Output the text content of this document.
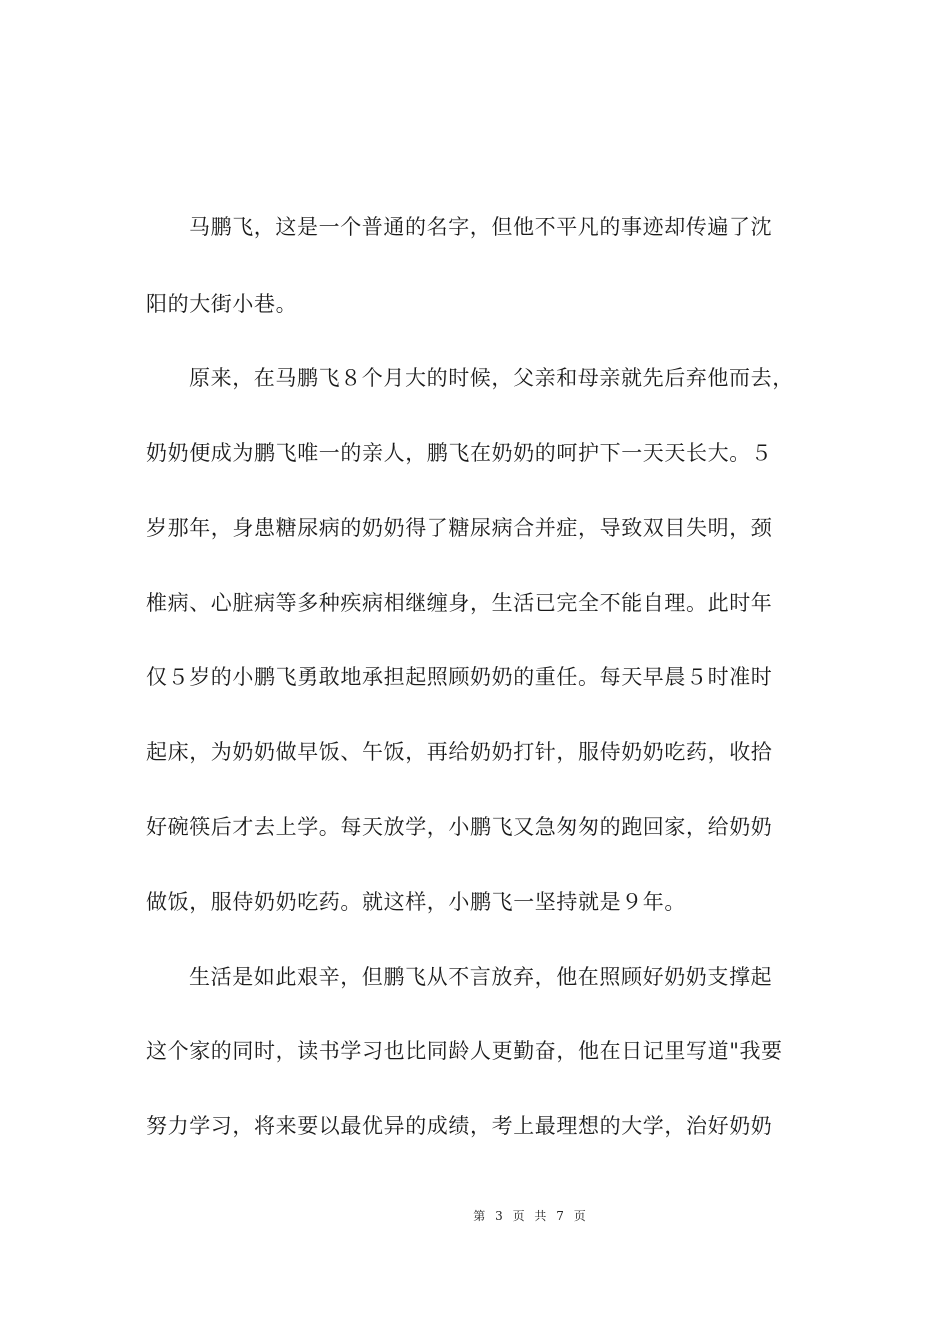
马鹏飞，这是一个普通的名字，但他不平凡的事迹却传遍了沈
阳的大街小巷。
原来，在马鹏飞８个月大的时候，父亲和母亲就先后弃他而去，
奶奶便成为鹏飞唯一的亲人，鹏飞在奶奶的呵护下一天天长大。５
岁那年，身患糖尿病的奶奶得了糖尿病合并症，导致双目失明，颈
椎病、心脏病等多种疾病相继缠身，生活已完全不能自理。此时年
仅５岁的小鹏飞勇敢地承担起照顾奶奶的重任。每天早晨５时准时
起床，为奶奶做早饭、午饭，再给奶奶打针，服侍奶奶吃药，收拾
好碗筷后才去上学。每天放学，小鹏飞又急匆匆的跑回家，给奶奶
做饭，服侍奶奶吃药。就这样，小鹏飞一坚持就是９年。
生活是如此艰辛，但鹏飞从不言放弃，他在照顾好奶奶支撑起
这个家的同时，读书学习也比同龄人更勤奋，他在日记里写道"我要
努力学习，将来要以最优异的成绩，考上最理想的大学，治好奶奶
第 3 页 共 7 页
